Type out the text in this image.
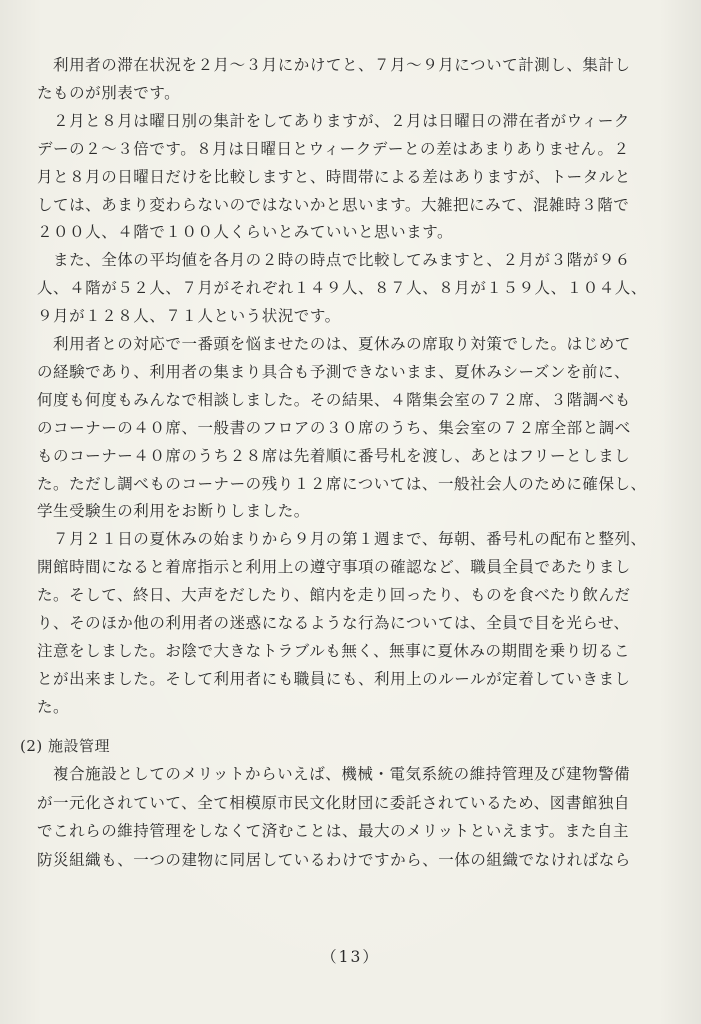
　利用者の滞在状況を２月～３月にかけてと、７月～９月について計測し、集計し
たものが別表です。
　２月と８月は曜日別の集計をしてありますが、２月は日曜日の滞在者がウィーク
デーの２～３倍です。８月は日曜日とウィークデーとの差はあまりありません。２
月と８月の日曜日だけを比較しますと、時間帯による差はありますが、トータルと
しては、あまり変わらないのではないかと思います。大雑把にみて、混雑時３階で
２００人、４階で１００人くらいとみていいと思います。
　また、全体の平均値を各月の２時の時点で比較してみますと、２月が３階が９６
人、４階が５２人、７月がそれぞれ１４９人、８７人、８月が１５９人、１０４人、
９月が１２８人、７１人という状況です。
　利用者との対応で一番頭を悩ませたのは、夏休みの席取り対策でした。はじめて
の経験であり、利用者の集まり具合も予測できないまま、夏休みシーズンを前に、
何度も何度もみんなで相談しました。その結果、４階集会室の７２席、３階調べも
のコーナーの４０席、一般書のフロアの３０席のうち、集会室の７２席全部と調べ
ものコーナー４０席のうち２８席は先着順に番号札を渡し、あとはフリーとしまし
た。ただし調べものコーナーの残り１２席については、一般社会人のために確保し、
学生受験生の利用をお断りしました。
　７月２１日の夏休みの始まりから９月の第１週まで、毎朝、番号札の配布と整列、
開館時間になると着席指示と利用上の遵守事項の確認など、職員全員であたりまし
た。そして、終日、大声をだしたり、館内を走り回ったり、ものを食べたり飲んだ
り、そのほか他の利用者の迷惑になるような行為については、全員で目を光らせ、
注意をしました。お陰で大きなトラブルも無く、無事に夏休みの期間を乗り切るこ
とが出来ました。そして利用者にも職員にも、利用上のルールが定着していきまし
た。
(2) 施設管理
　複合施設としてのメリットからいえば、機械・電気系統の維持管理及び建物警備
が一元化されていて、全て相模原市民文化財団に委託されているため、図書館独自
でこれらの維持管理をしなくて済むことは、最大のメリットといえます。また自主
防災組織も、一つの建物に同居しているわけですから、一体の組織でなければなら
（13）
